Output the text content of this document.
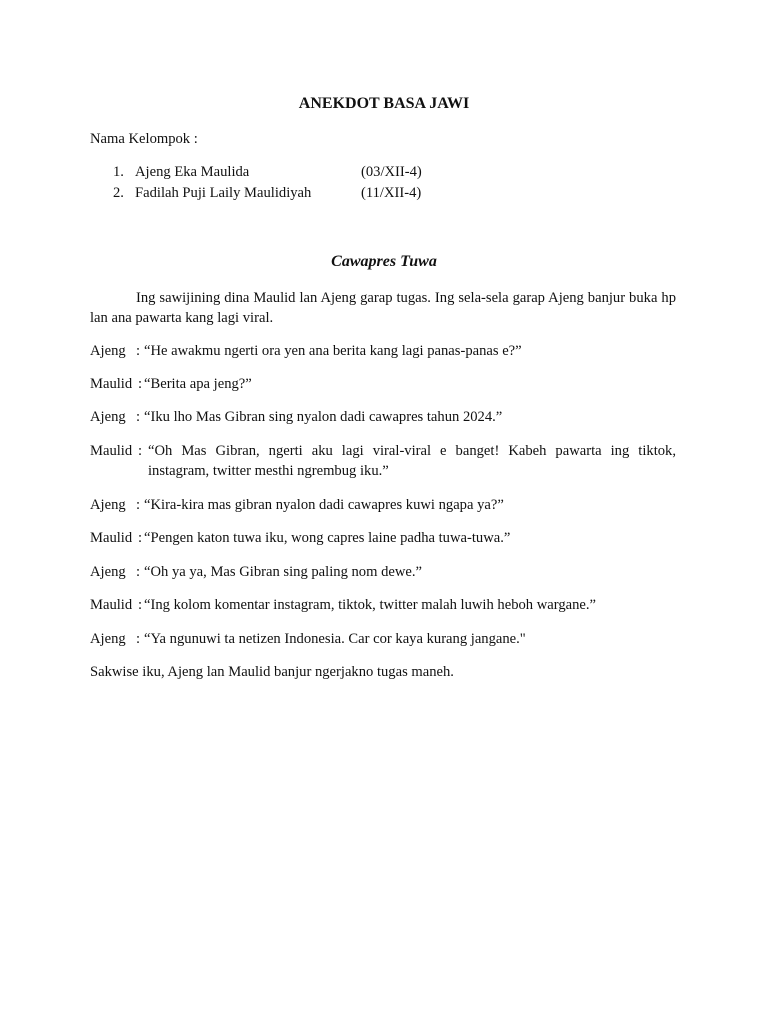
ANEKDOT BASA JAWI
Nama Kelompok :
1. Ajeng Eka Maulida	(03/XII-4)
2. Fadilah Puji Laily Maulidiyah	(11/XII-4)
Cawapres Tuwa

Ing sawijining dina Maulid lan Ajeng garap tugas. Ing sela-sela garap Ajeng banjur buka hp lan ana pawarta kang lagi viral.

Ajeng : “He awakmu ngerti ora yen ana berita kang lagi panas-panas e?”
Maulid : “Berita apa jeng?”
Ajeng : “Iku lho Mas Gibran sing nyalon dadi cawapres tahun 2024.”
Maulid : “Oh Mas Gibran, ngerti aku lagi viral-viral e banget! Kabeh pawarta ing tiktok, instagram, twitter mesthi ngrembug iku.”
Ajeng : “Kira-kira mas gibran nyalon dadi cawapres kuwi ngapa ya?”
Maulid : “Pengen katon tuwa iku, wong capres laine padha tuwa-tuwa.”
Ajeng : “Oh ya ya, Mas Gibran sing paling nom dewe.”
Maulid : “Ing kolom komentar instagram, tiktok, twitter malah luwih heboh wargane.”
Ajeng : “Ya ngunuwi ta netizen Indonesia. Car cor kaya kurang jangane."
Sakwise iku, Ajeng lan Maulid banjur ngerjakno tugas maneh.
